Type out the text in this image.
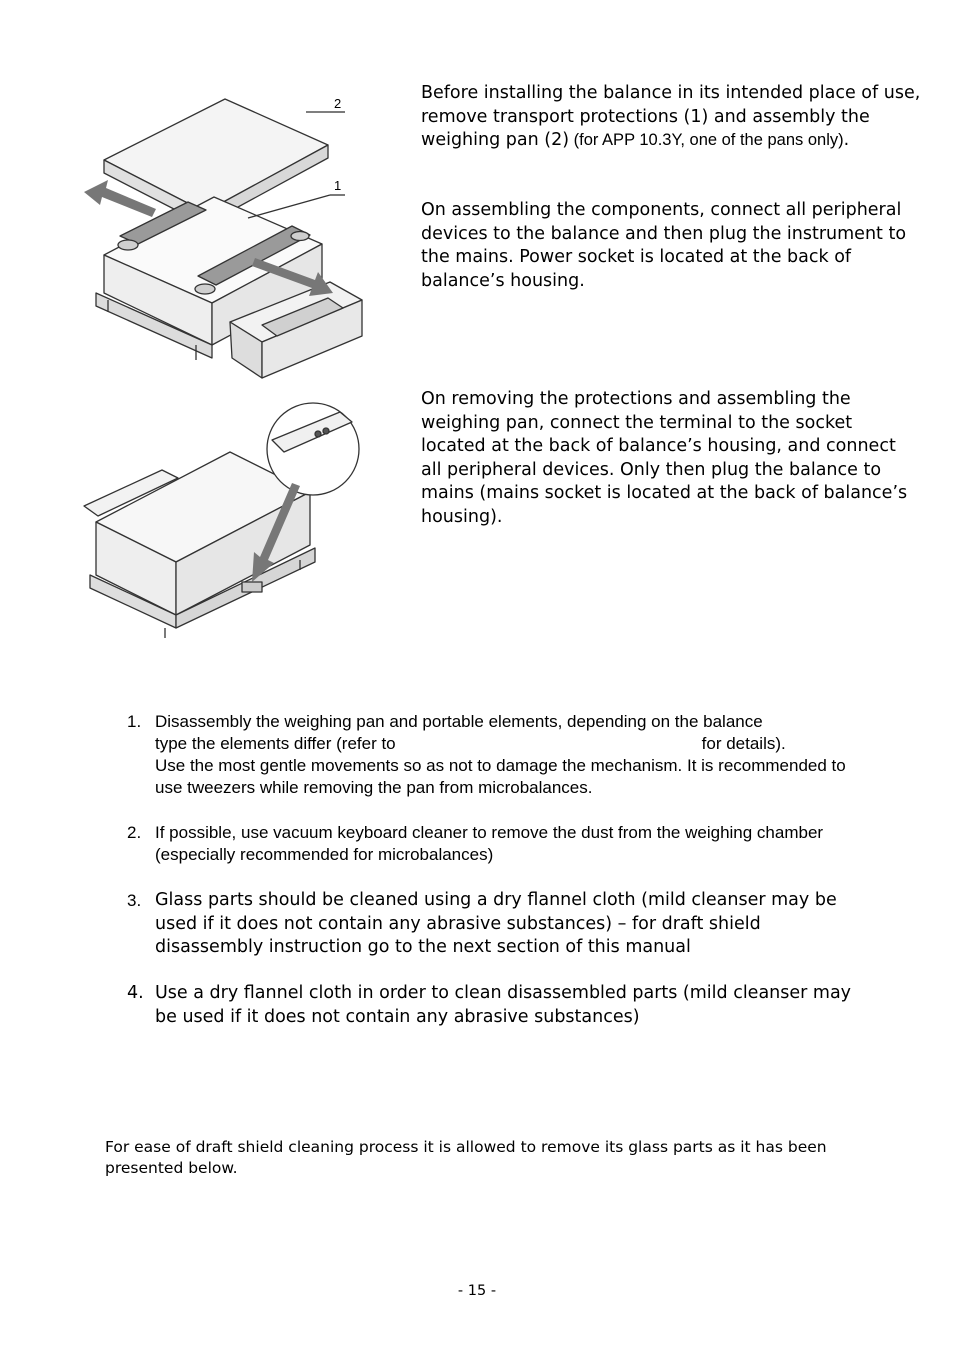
2
1
Before installing the balance in its intended place of use, remove transport protections (1) and assembly the weighing pan (2) (for APP 10.3Y, one of the pans only).
On assembling the components, connect all peripheral devices to the balance and then plug the instrument to the mains. Power socket is located at the back of balance’s housing.
On removing the protections and assembling the weighing pan, connect the terminal to the socket located at the back of balance’s housing, and connect all peripheral devices. Only then plug the balance to mains (mains socket is located at the back of balance’s housing).
1. Disassembly the weighing pan and portable elements, depending on the balance
type the elements differ (refer to	for details).
Use the most gentle movements so as not to damage the mechanism. It is recommended to use tweezers while removing the pan from microbalances.
2. If possible, use vacuum keyboard cleaner to remove the dust from the weighing chamber (especially recommended for microbalances)
3. Glass parts should be cleaned using a dry flannel cloth (mild cleanser may be used if it does not contain any abrasive substances) – for draft shield disassembly instruction go to the next section of this manual
4. Use a dry flannel cloth in order to clean disassembled parts (mild cleanser may be used if it does not contain any abrasive substances)
For ease of draft shield cleaning process it is allowed to remove its glass parts as it has been presented below.
- 15 -
